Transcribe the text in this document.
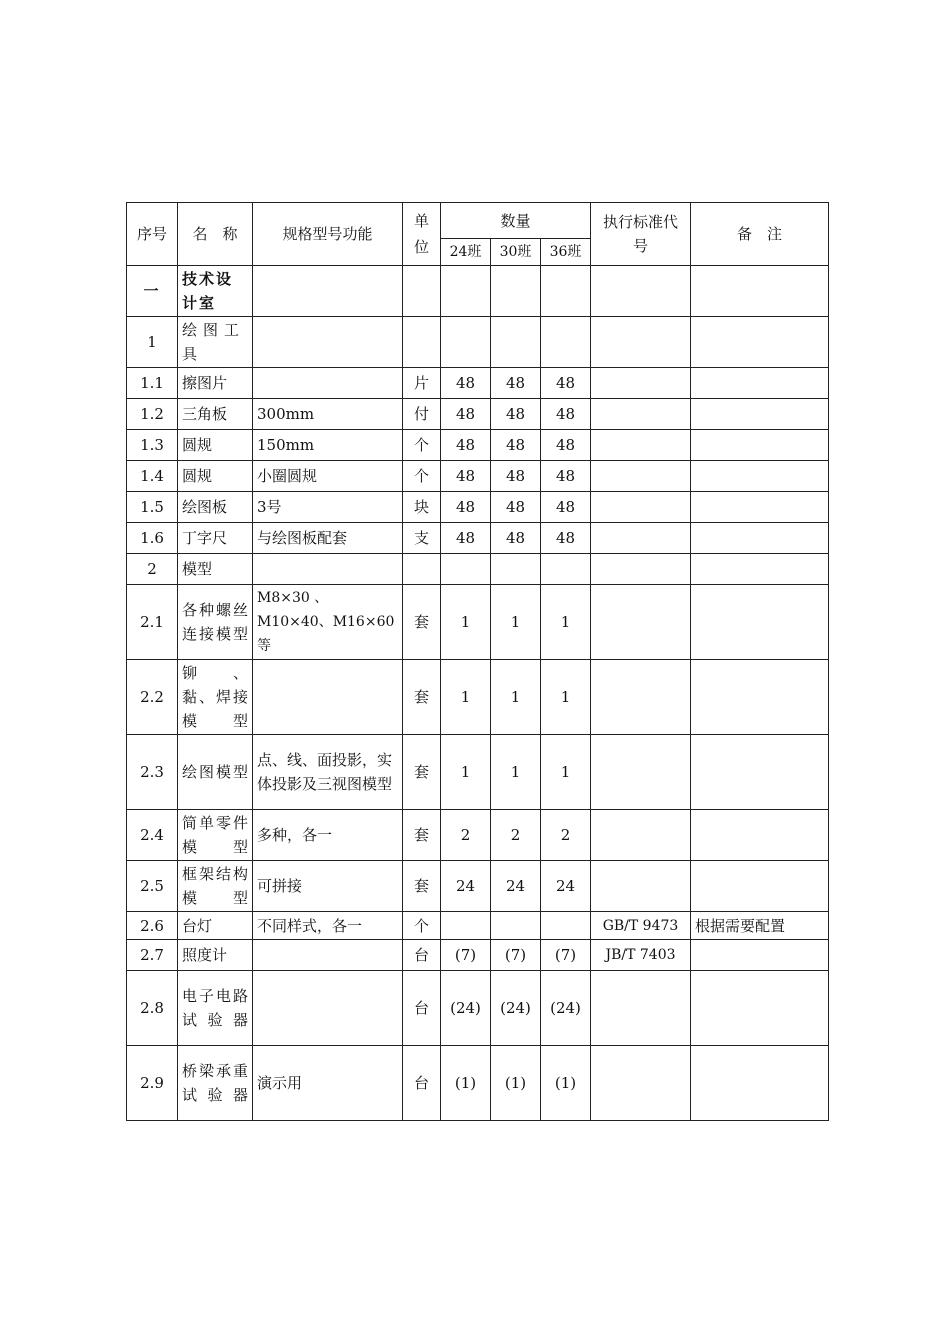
序号	名　称	规格型号功能	单位	数量			执行标准代号	备　注
				24班	30班	36班		
一	技术设计室							
1	绘图工具							
1.1	擦图片		片	48	48	48		
1.2	三角板	300mm	付	48	48	48		
1.3	圆规	150mm	个	48	48	48		
1.4	圆规	小圈圆规	个	48	48	48		
1.5	绘图板	3号	块	48	48	48		
1.6	丁字尺	与绘图板配套	支	48	48	48		
2	模型							
2.1	各种螺丝连接模型	M8×30 、 M10×40、M16×60等	套	1	1	1		
2.2	铆　、黏、焊接模型		套	1	1	1		
2.3	绘图模型	点、线、面投影，实体投影及三视图模型	套	1	1	1		
2.4	简单零件模型	多种，各一	套	2	2	2		
2.5	框架结构模型	可拼接	套	24	24	24		
2.6	台灯	不同样式，各一	个				GB/T 9473	根据需要配置
2.7	照度计		台	(7)	(7)	(7)	JB/T 7403	
2.8	电子电路试验器		台	(24)	(24)	(24)		
2.9	桥梁承重试验器	演示用	台	(1)	(1)	(1)		
